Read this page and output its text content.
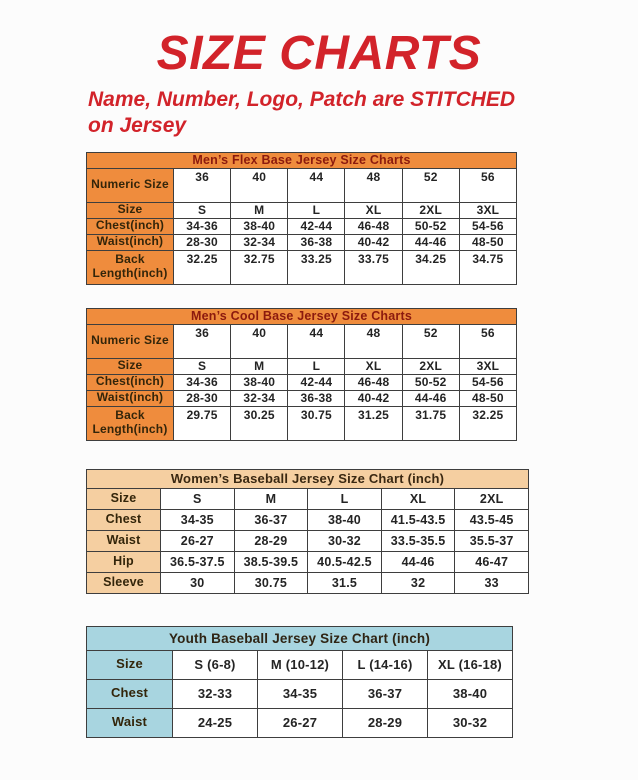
SIZE CHARTS
Name, Number, Logo, Patch are STITCHED
on Jersey
Men’s Flex Base Jersey Size Charts						
Numeric Size	36	40	44	48	52	56
Size	S	M	L	XL	2XL	3XL
Chest(inch)	34-36	38-40	42-44	46-48	50-52	54-56
Waist(inch)	28-30	32-34	36-38	40-42	44-46	48-50
Back Length(inch)	32.25	32.75	33.25	33.75	34.25	34.75
Men’s Cool Base Jersey Size Charts						
Numeric Size	36	40	44	48	52	56
Size	S	M	L	XL	2XL	3XL
Chest(inch)	34-36	38-40	42-44	46-48	50-52	54-56
Waist(inch)	28-30	32-34	36-38	40-42	44-46	48-50
Back Length(inch)	29.75	30.25	30.75	31.25	31.75	32.25
Women’s Baseball Jersey Size Chart (inch)					
Size	S	M	L	XL	2XL
Chest	34-35	36-37	38-40	41.5-43.5	43.5-45
Waist	26-27	28-29	30-32	33.5-35.5	35.5-37
Hip	36.5-37.5	38.5-39.5	40.5-42.5	44-46	46-47
Sleeve	30	30.75	31.5	32	33
Youth Baseball Jersey Size Chart (inch)				
Size	S (6-8)	M (10-12)	L (14-16)	XL (16-18)
Chest	32-33	34-35	36-37	38-40
Waist	24-25	26-27	28-29	30-32
